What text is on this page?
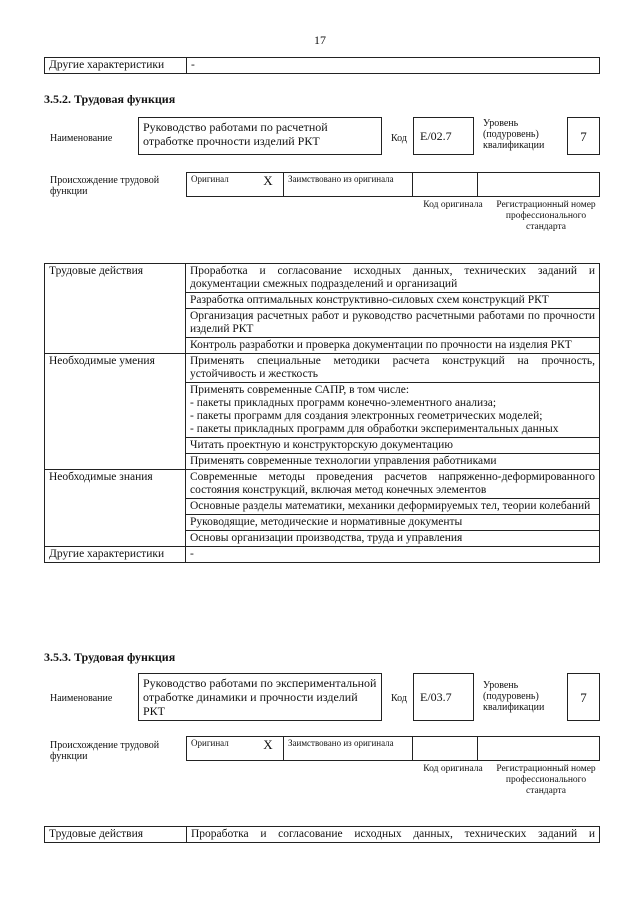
17
Другие характеристики	-
3.5.2. Трудовая функция
Наименование
Руководство работами по расчетной отработке прочности изделий РКТ	Код	E/02.7
Уровень (подуровень) квалификации
7
Происхождение трудовой функции
Оригинал	X	Заимствовано из оригинала		
Код оригинала	Регистрационный номер профессионального стандарта
Трудовые действия	Проработка и согласование исходных данных, технических заданий и документации смежных подразделений и организаций
	Разработка оптимальных конструктивно-силовых схем конструкций РКТ
	Организация расчетных работ и руководство расчетными работами по прочности изделий РКТ
	Контроль разработки и проверка документации по прочности на изделия РКТ
Необходимые умения	Применять специальные методики расчета конструкций на прочность, устойчивость и жесткость
	Применять современные САПР, в том числе:
- пакеты прикладных программ конечно-элементного анализа;
- пакеты программ для создания электронных геометрических моделей;
- пакеты прикладных программ для обработки экспериментальных данных
	Читать проектную и конструкторскую документацию
	Применять современные технологии управления работниками
Необходимые знания	Современные методы проведения расчетов напряженно-деформированного состояния конструкций, включая метод конечных элементов
	Основные разделы математики, механики деформируемых тел, теории колебаний
	Руководящие, методические и нормативные документы
	Основы организации производства, труда и управления
Другие характеристики	-
3.5.3. Трудовая функция
Наименование
Руководство работами по экспериментальной отработке динамики и прочности изделий РКТ
Код	E/03.7
Уровень (подуровень) квалификации
7
Происхождение трудовой функции
Оригинал	X	Заимствовано из оригинала		
Код оригинала	Регистрационный номер профессионального стандарта
Трудовые действия	Проработка и согласование исходных данных, технических заданий и
